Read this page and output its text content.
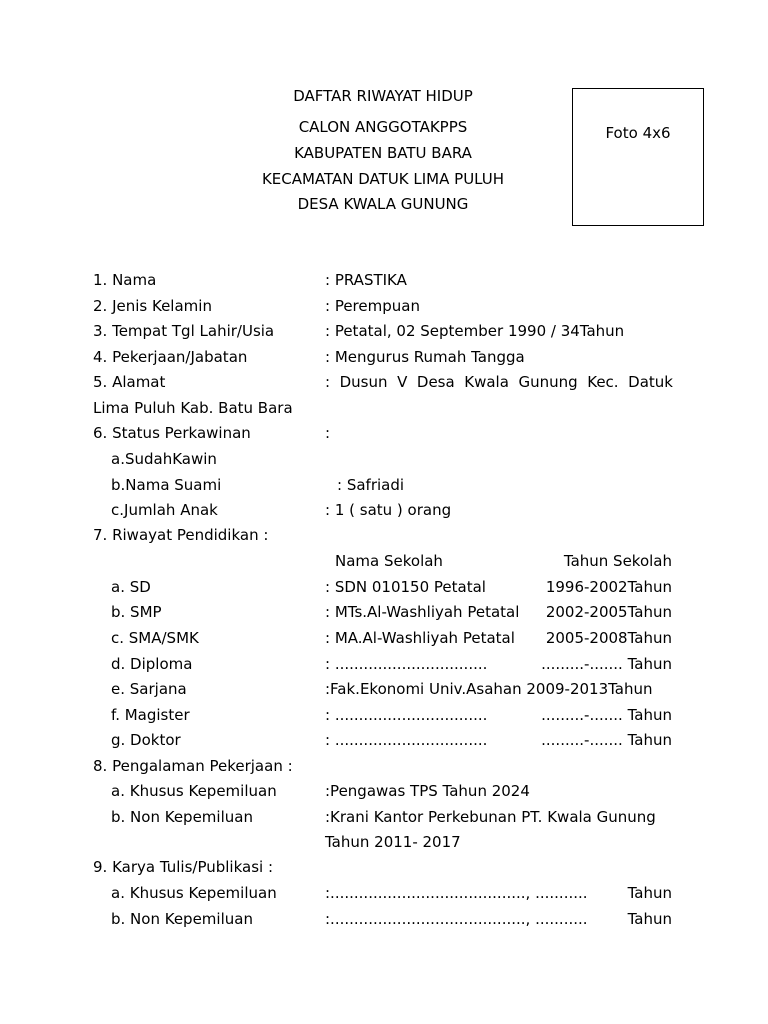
DAFTAR RIWAYAT HIDUP
CALON ANGGOTAKPPS
KABUPATEN BATU BARA
KECAMATAN DATUK LIMA PULUH
DESA KWALA GUNUNG
Foto 4x6
1. Nama	: PRASTIKA
2. Jenis Kelamin	: Perempuan
3. Tempat Tgl Lahir/Usia	: Petatal, 02 September 1990 / 34Tahun
4. Pekerjaan/Jabatan	: Mengurus Rumah Tangga
5. Alamat	: Dusun V Desa Kwala Gunung Kec. Datuk
Lima Puluh Kab. Batu Bara
6. Status Perkawinan	:
a.SudahKawin
b.Nama Suami	: Safriadi
c.Jumlah Anak	: 1 ( satu ) orang
7. Riwayat Pendidikan :
Nama Sekolah	Tahun Sekolah
a. SD	: SDN 010150 Petatal	1996-2002Tahun
b. SMP	: MTs.Al-Washliyah Petatal 2002-2005Tahun
c. SMA/SMK	: MA.Al-Washliyah Petatal 2005-2008Tahun
d. Diploma	: ................................	.........-....... Tahun
e. Sarjana	:Fak.Ekonomi Univ.Asahan 2009-2013Tahun
f. Magister	: ................................	.........-....... Tahun
g. Doktor	: ................................	.........-....... Tahun
8. Pengalaman Pekerjaan :
a. Khusus Kepemiluan	:Pengawas TPS Tahun 2024
b. Non Kepemiluan	:Krani Kantor Perkebunan PT. Kwala Gunung
Tahun 2011- 2017
9. Karya Tulis/Publikasi :
a. Khusus Kepemiluan	:........................................., ...........	Tahun
b. Non Kepemiluan	:........................................., ...........	Tahun
